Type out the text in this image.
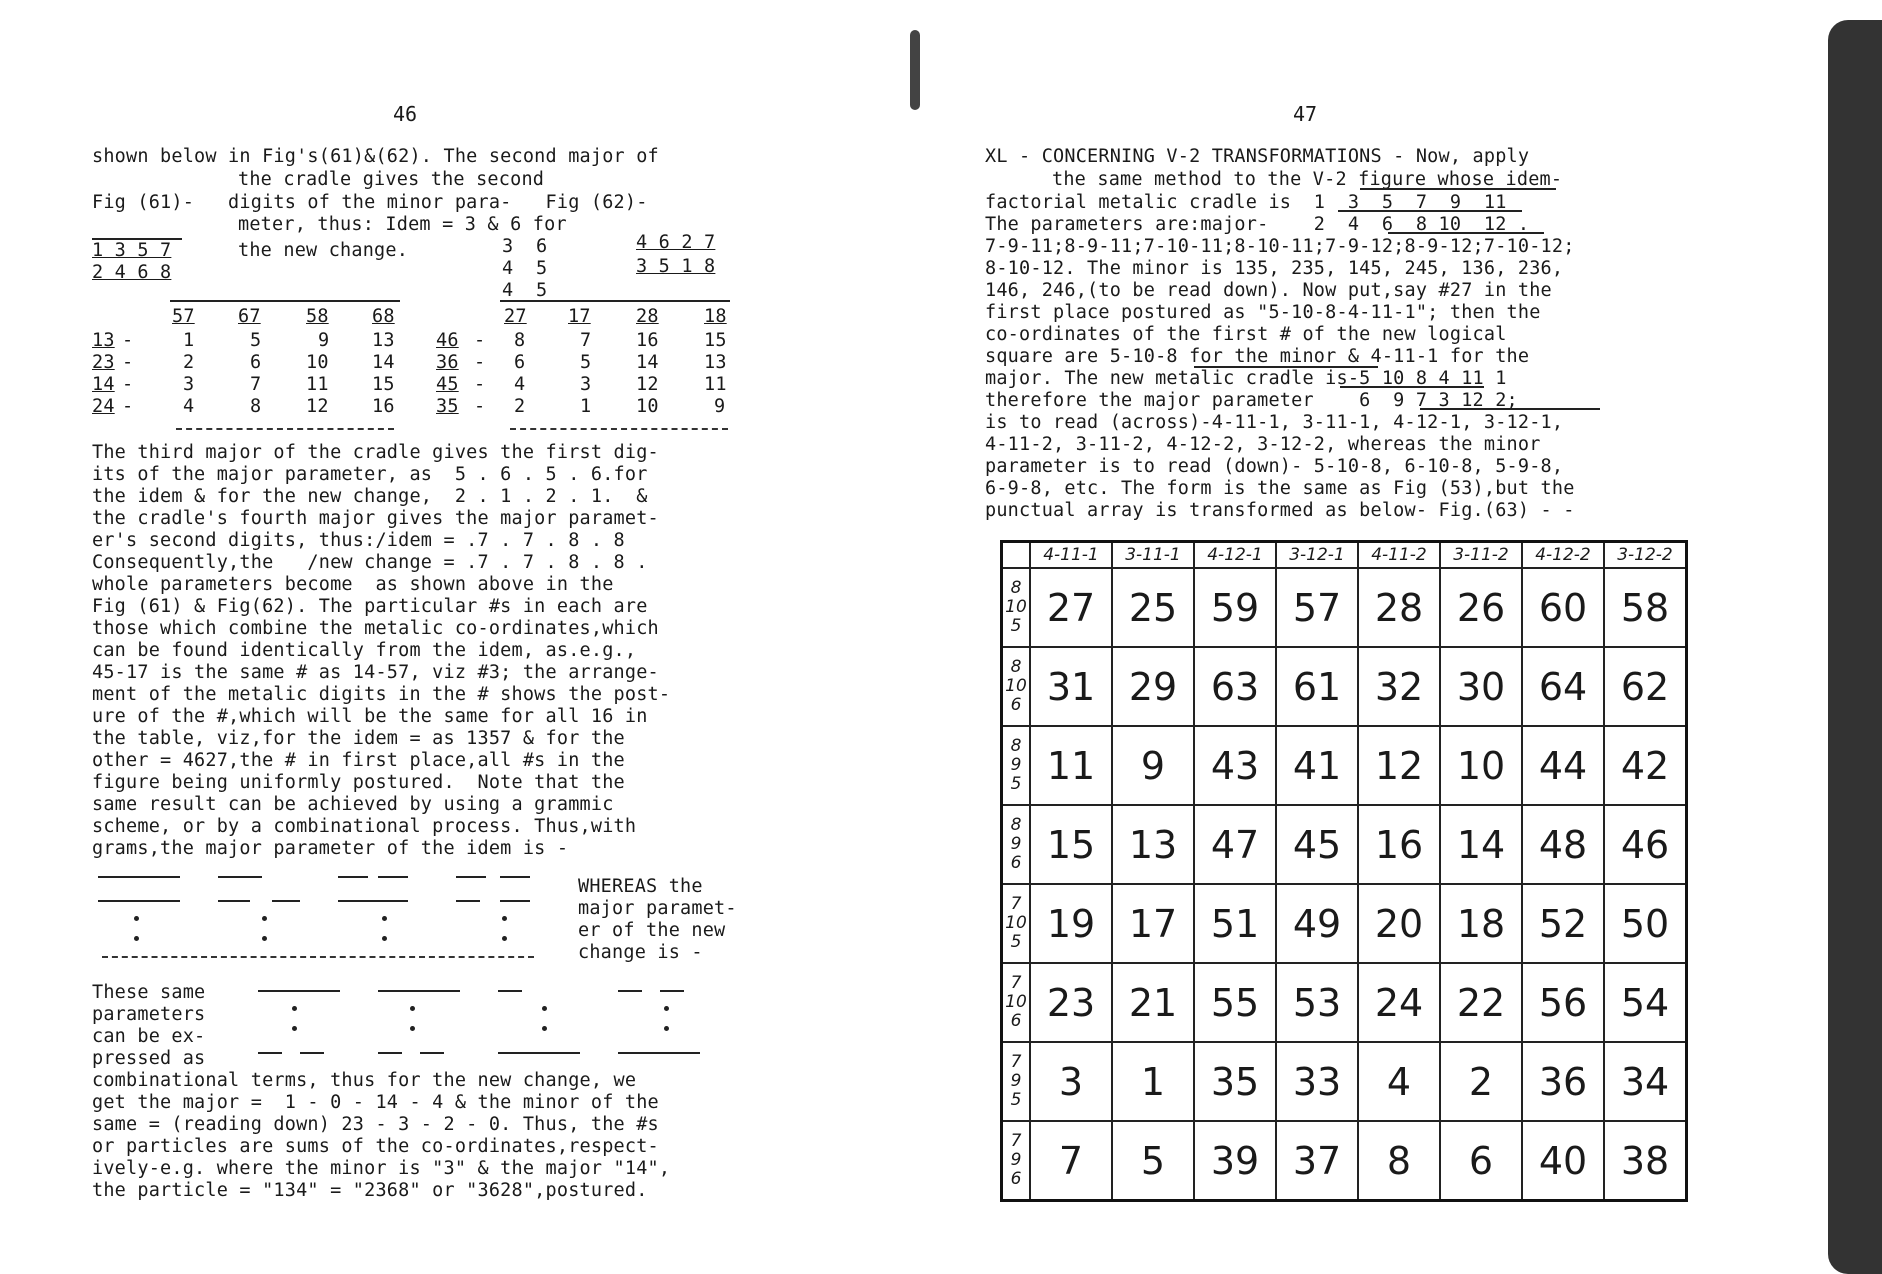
46
shown below in Fig's(61)&(62). The second major of
the cradle gives the second
Fig (61)-   digits of the minor para-   Fig (62)-
meter, thus: Idem = 3 & 6 for
1 3 5 7	the new change.
2 4 6 8
4 6 2 7
3 5 1 8
3  6
4  5
4  5
57 67 58 68
13 -	1	5	9 13
23 -	2	6 10 14
14 -	3	7 11 15
24 -	4	8 12 16
27 17 28 18
46 - 8	7 16 15
36 - 6	5 14 13
45 - 4	3 12 11
35 - 2	1 10	9
The third major of the cradle gives the first dig-
its of the major parameter, as  5 . 6 . 5 . 6.for
the idem & for the new change,  2 . 1 . 2 . 1.  &
the cradle's fourth major gives the major paramet-
er's second digits, thus:/idem = .7 . 7 . 8 . 8
Consequently,the   /new change = .7 . 7 . 8 . 8 .
whole parameters become  as shown above in the
Fig (61) & Fig(62). The particular #s in each are
those which combine the metalic co-ordinates,which
can be found identically from the idem, as.e.g.,
45-17 is the same # as 14-57, viz #3; the arrange-
ment of the metalic digits in the # shows the post-
ure of the #,which will be the same for all 16 in
the table, viz,for the idem = as 1357 & for the
other = 4627,the # in first place,all #s in the
figure being uniformly postured.  Note that the
same result can be achieved by using a grammic
scheme, or by a combinational process. Thus,with
grams,the major parameter of the idem is -
WHEREAS the
major paramet-
er of the new
change is -
These same
parameters
can be ex-
pressed as
combinational terms, thus for the new change, we
get the major =  1 - 0 - 14 - 4 & the minor of the
same = (reading down) 23 - 3 - 2 - 0. Thus, the #s
or particles are sums of the co-ordinates,respect-
ively-e.g. where the minor is "3" & the major "14",
the particle = "134" = "2368" or "3628",postured.
47
XL - CONCERNING V-2 TRANSFORMATIONS - Now, apply
the same method to the V-2 figure whose idem-
factorial metalic cradle is  1  3  5  7  9  11
The parameters are:major-    2  4  6  8 10  12 .
7-9-11;8-9-11;7-10-11;8-10-11;7-9-12;8-9-12;7-10-12;
8-10-12. The minor is 135, 235, 145, 245, 136, 236,
146, 246,(to be read down). Now put,say #27 in the
first place postured as "5-10-8-4-11-1"; then the
co-ordinates of the first # of the new logical
square are 5-10-8 for the minor & 4-11-1 for the
major. The new metalic cradle is-5 10 8 4 11 1
therefore the major parameter    6  9 7 3 12 2;
is to read (across)-4-11-1, 3-11-1, 4-12-1, 3-12-1,
4-11-2, 3-11-2, 4-12-2, 3-12-2, whereas the minor
parameter is to read (down)- 5-10-8, 6-10-8, 5-9-8,
6-9-8, etc. The form is the same as Fig (53),but the
punctual array is transformed as below- Fig.(63) - -
	4-11-1	3-11-1	4-12-1	3-12-1	4-11-2	3-11-2	4-12-2	3-12-2

8
10
5	27	25	59	57	28	26	60	58

8
10
6	31	29	63	61	32	30	64	62

8
9
5	11	9	43	41	12	10	44	42

8
9
6	15	13	47	45	16	14	48	46

7
10
5	19	17	51	49	20	18	52	50

7
10
6	23	21	55	53	24	22	56	54

7
9
5	3	1	35	33	4	2	36	34

7
9
6	7	5	39	37	8	6	40	38
